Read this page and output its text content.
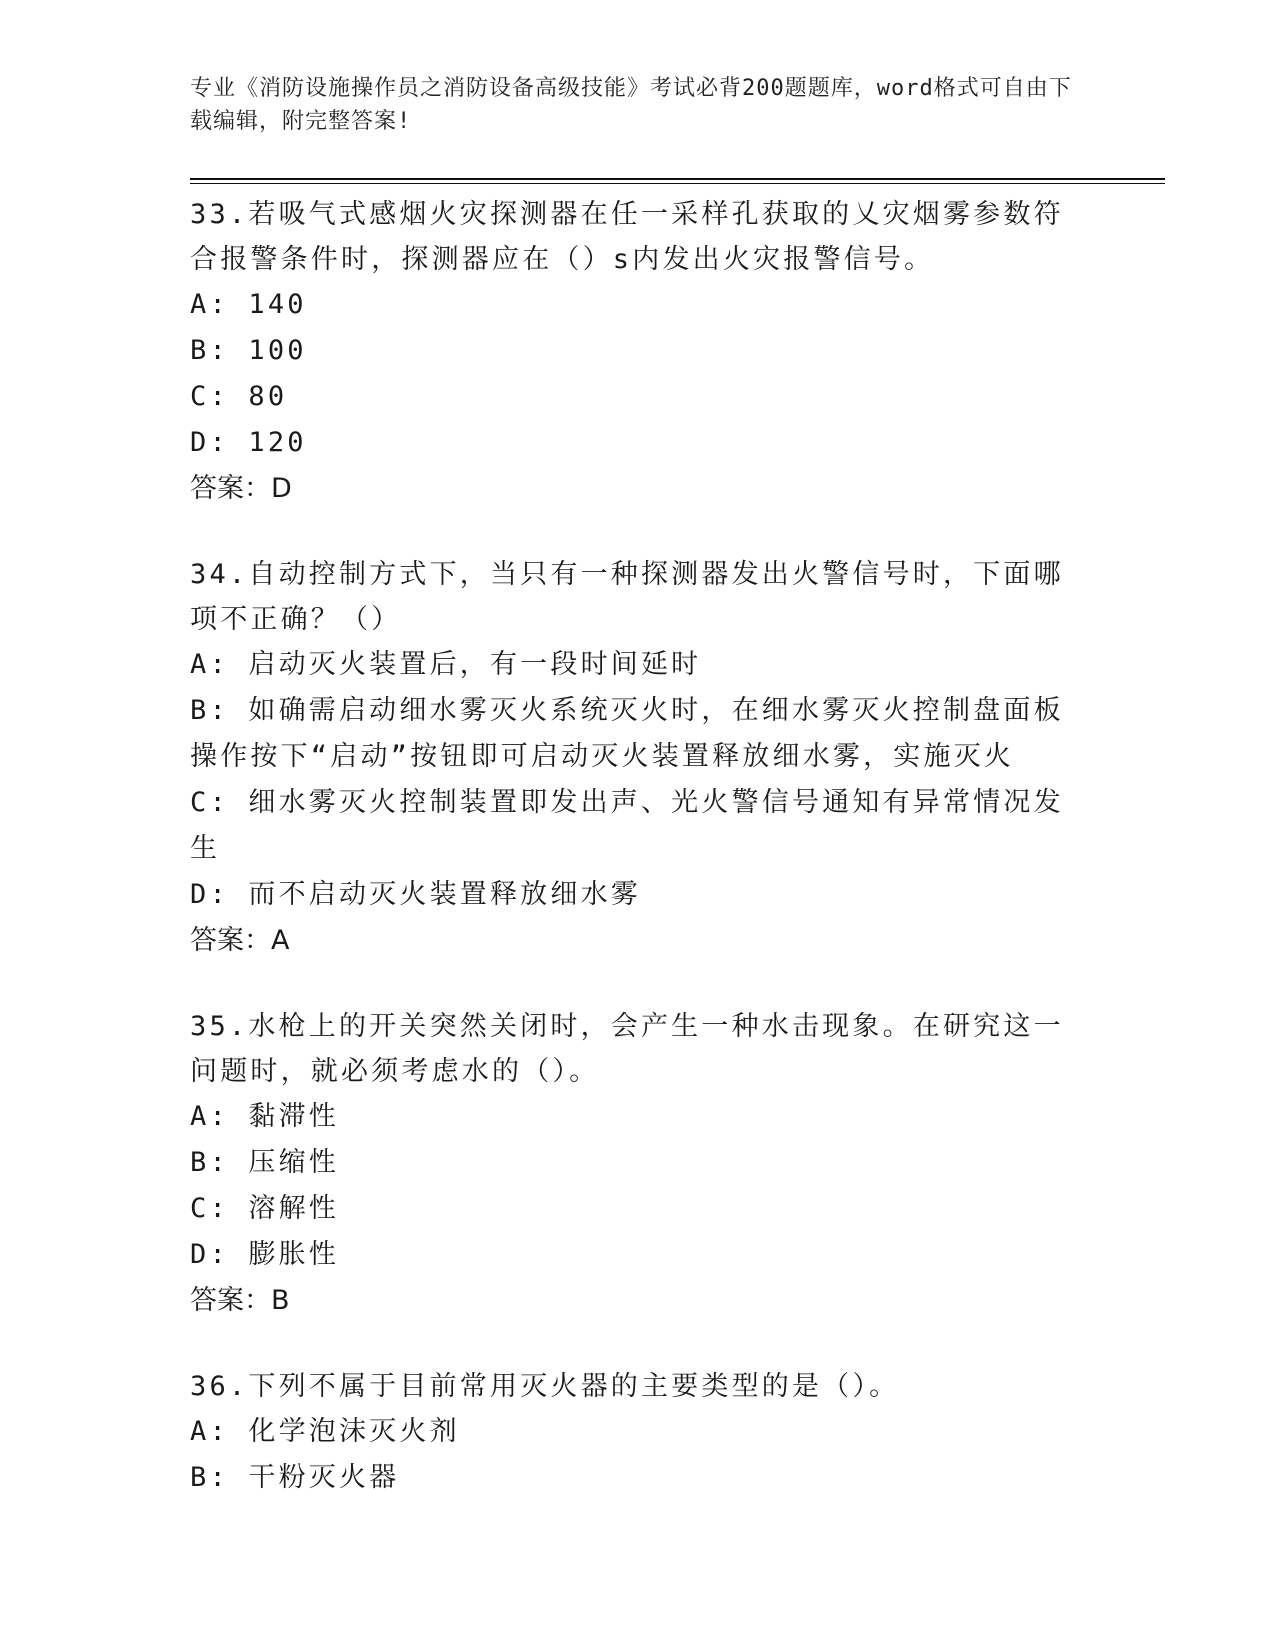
专业《消防设施操作员之消防设备高级技能》考试必背200题题库，word格式可自由下载编辑，附完整答案!

33.若吸气式感烟火灾探测器在任一采样孔获取的乂灾烟雾参数符合报警条件时，探测器应在（）s内发出火灾报警信号。

A: 140

B: 100

C: 80

D: 120

答案：D

34.自动控制方式下，当只有一种探测器发出火警信号时，下面哪项不正确？（）

A: 启动灭火装置后，有一段时间延时

B: 如确需启动细水雾灭火系统灭火时，在细水雾灭火控制盘面板操作按下“启动”按钮即可启动灭火装置释放细水雾，实施灭火

C: 细水雾灭火控制装置即发出声、光火警信号通知有异常情况发生

D: 而不启动灭火装置释放细水雾

答案：A

35.水枪上的开关突然关闭时，会产生一种水击现象。在研究这一问题时，就必须考虑水的（）。

A: 黏滞性

B: 压缩性

C: 溶解性

D: 膨胀性

答案：B

36.下列不属于目前常用灭火器的主要类型的是（）。

A: 化学泡沫灭火剂

B: 干粉灭火器
